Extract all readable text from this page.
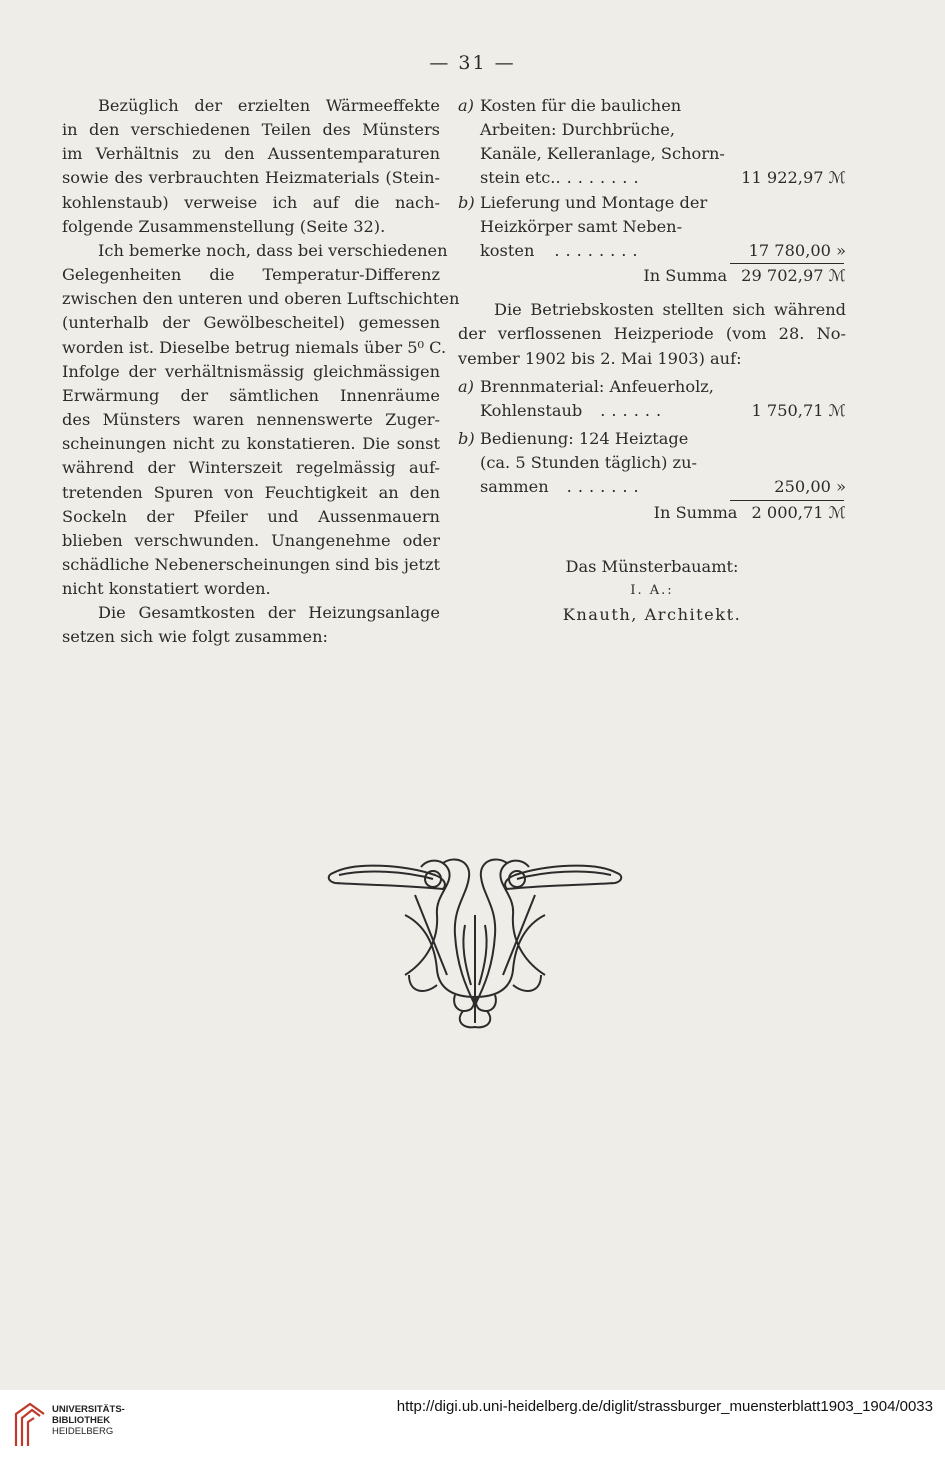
— 31 —
Bezüglich der erzielten Wärmeeffekte
in den verschiedenen Teilen des Münsters
im Verhältnis zu den Aussentemparaturen
sowie des verbrauchten Heizmaterials (Stein-
kohlenstaub) verweise ich auf die nach-
folgende Zusammenstellung (Seite 32).
Ich bemerke noch, dass bei verschiedenen
Gelegenheiten die Temperatur-Differenz
zwischen den unteren und oberen Luftschichten
(unterhalb der Gewölbescheitel) gemessen
worden ist. Dieselbe betrug niemals über 5⁰ C.
Infolge der verhältnismässig gleichmässigen
Erwärmung der sämtlichen Innenräume
des Münsters waren nennenswerte Zuger-
scheinungen nicht zu konstatieren. Die sonst
während der Winterszeit regelmässig auf-
tretenden Spuren von Feuchtigkeit an den
Sockeln der Pfeiler und Aussenmauern
blieben verschwunden. Unangenehme oder
schädliche Nebenerscheinungen sind bis jetzt
nicht konstatiert worden.
Die Gesamtkosten der Heizungsanlage
setzen sich wie folgt zusammen:
a) Kosten für die baulichen
Arbeiten: Durchbrüche,
Kanäle, Kelleranlage, Schorn-
stein etc. ........	11 922,97 ℳ
b) Lieferung und Montage der
Heizkörper samt Neben-
kosten ........	17 780,00 »
In Summa 29 702,97 ℳ
Die Betriebskosten stellten sich während
der verflossenen Heizperiode (vom 28. No-
vember 1902 bis 2. Mai 1903) auf:
a) Brennmaterial: Anfeuerholz,
Kohlenstaub ......	1 750,71 ℳ
b) Bedienung: 124 Heiztage
(ca. 5 Stunden täglich) zu-
sammen .......	250,00 »
In Summa 2 000,71 ℳ
Das Münsterbauamt:
I. A.:
Knauth, Architekt.
UNIVERSITÄTS-
BIBLIOTHEK
HEIDELBERG
http://digi.ub.uni-heidelberg.de/diglit/strassburger_muensterblatt1903_1904/0033
